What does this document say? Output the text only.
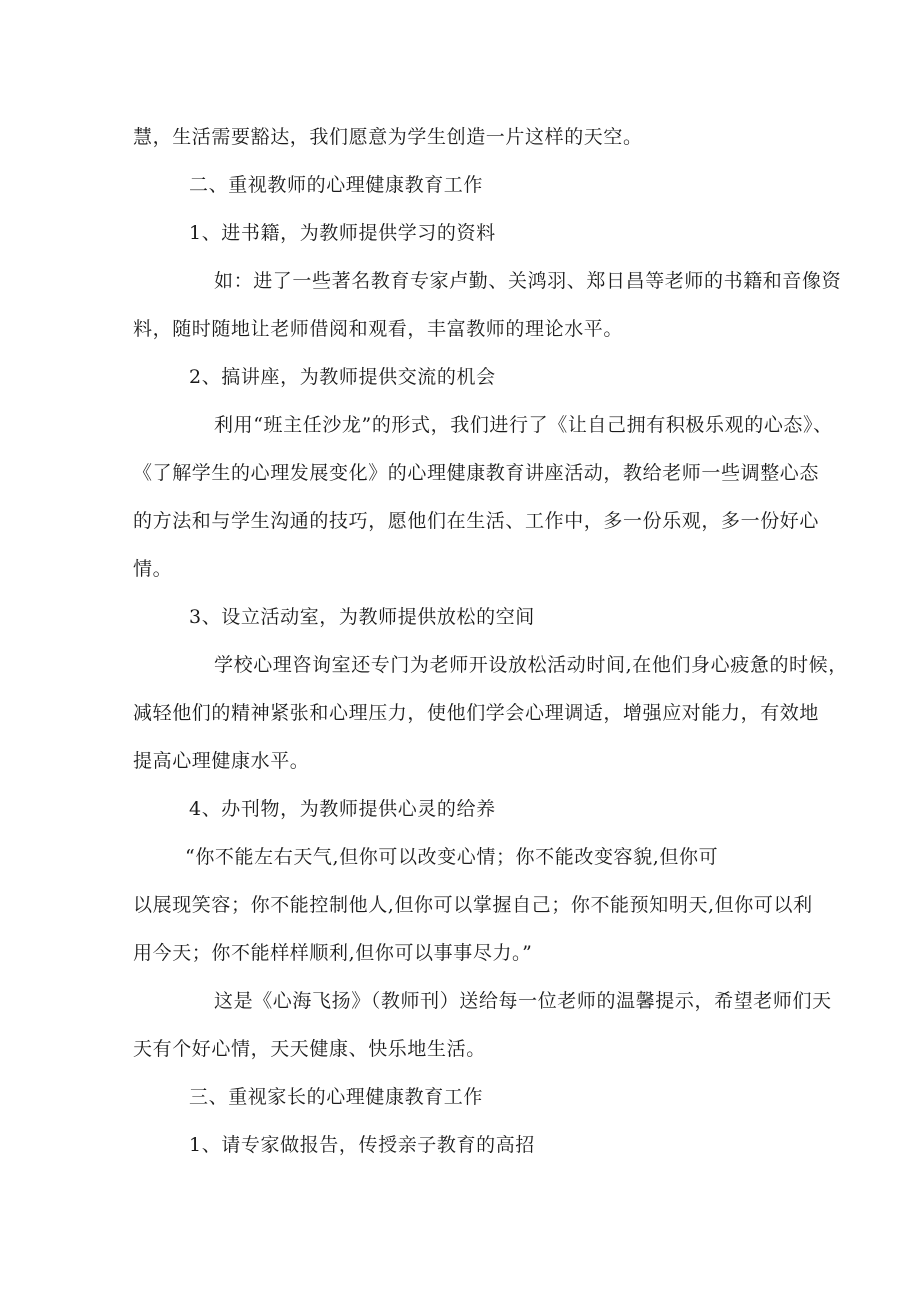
慧，生活需要豁达，我们愿意为学生创造一片这样的天空。
二、重视教师的心理健康教育工作
1、进书籍，为教师提供学习的资料
如：进了一些著名教育专家卢勤、关鸿羽、郑日昌等老师的书籍和音像资
料，随时随地让老师借阅和观看，丰富教师的理论水平。
2、搞讲座，为教师提供交流的机会
利用“班主任沙龙”的形式，我们进行了《让自己拥有积极乐观的心态》、
《了解学生的心理发展变化》的心理健康教育讲座活动，教给老师一些调整心态
的方法和与学生沟通的技巧，愿他们在生活、工作中，多一份乐观，多一份好心
情。
3、设立活动室，为教师提供放松的空间
学校心理咨询室还专门为老师开设放松活动时间,在他们身心疲惫的时候，
减轻他们的精神紧张和心理压力，使他们学会心理调适，增强应对能力，有效地
提高心理健康水平。
4、办刊物，为教师提供心灵的给养
“你不能左右天气,但你可以改变心情；你不能改变容貌,但你可
以展现笑容；你不能控制他人,但你可以掌握自己；你不能预知明天,但你可以利
用今天；你不能样样顺利,但你可以事事尽力。”
这是《心海飞扬》（教师刊）送给每一位老师的温馨提示，希望老师们天
天有个好心情，天天健康、快乐地生活。
三、重视家长的心理健康教育工作
1、请专家做报告，传授亲子教育的高招
